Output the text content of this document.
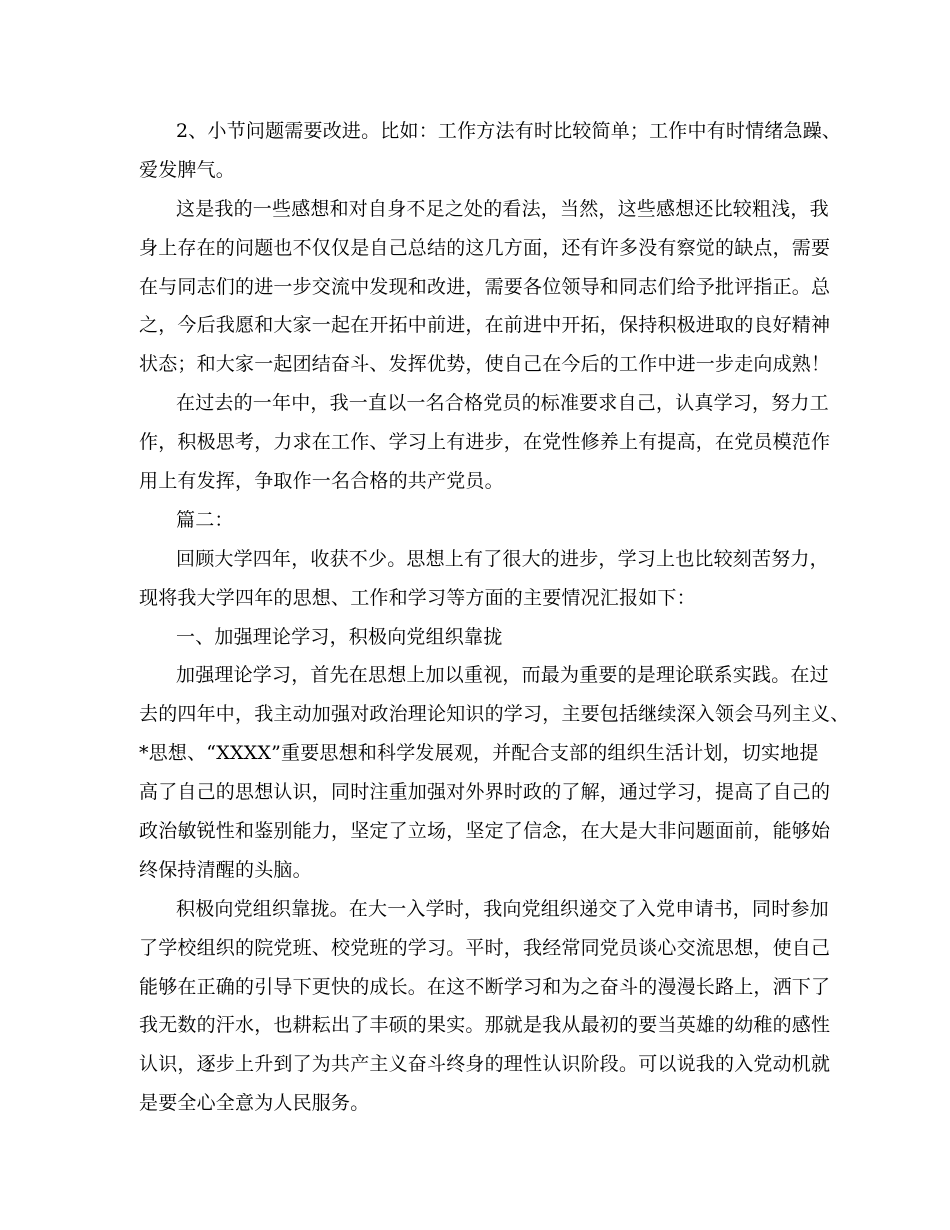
2、小节问题需要改进。比如：工作方法有时比较简单；工作中有时情绪急躁、
爱发脾气。
这是我的一些感想和对自身不足之处的看法，当然，这些感想还比较粗浅，我
身上存在的问题也不仅仅是自己总结的这几方面，还有许多没有察觉的缺点，需要
在与同志们的进一步交流中发现和改进，需要各位领导和同志们给予批评指正。总
之，今后我愿和大家一起在开拓中前进，在前进中开拓，保持积极进取的良好精神
状态；和大家一起团结奋斗、发挥优势，使自己在今后的工作中进一步走向成熟！
在过去的一年中，我一直以一名合格党员的标准要求自己，认真学习，努力工
作，积极思考，力求在工作、学习上有进步，在党性修养上有提高，在党员模范作
用上有发挥，争取作一名合格的共产党员。
篇二：
回顾大学四年，收获不少。思想上有了很大的进步，学习上也比较刻苦努力，
现将我大学四年的思想、工作和学习等方面的主要情况汇报如下：
一、加强理论学习，积极向党组织靠拢
加强理论学习，首先在思想上加以重视，而最为重要的是理论联系实践。在过
去的四年中，我主动加强对政治理论知识的学习，主要包括继续深入领会马列主义、
*思想、“XXXX”重要思想和科学发展观，并配合支部的组织生活计划，切实地提
高了自己的思想认识，同时注重加强对外界时政的了解，通过学习，提高了自己的
政治敏锐性和鉴别能力，坚定了立场，坚定了信念，在大是大非问题面前，能够始
终保持清醒的头脑。
积极向党组织靠拢。在大一入学时，我向党组织递交了入党申请书，同时参加
了学校组织的院党班、校党班的学习。平时，我经常同党员谈心交流思想，使自己
能够在正确的引导下更快的成长。在这不断学习和为之奋斗的漫漫长路上，洒下了
我无数的汗水，也耕耘出了丰硕的果实。那就是我从最初的要当英雄的幼稚的感性
认识，逐步上升到了为共产主义奋斗终身的理性认识阶段。可以说我的入党动机就
是要全心全意为人民服务。
